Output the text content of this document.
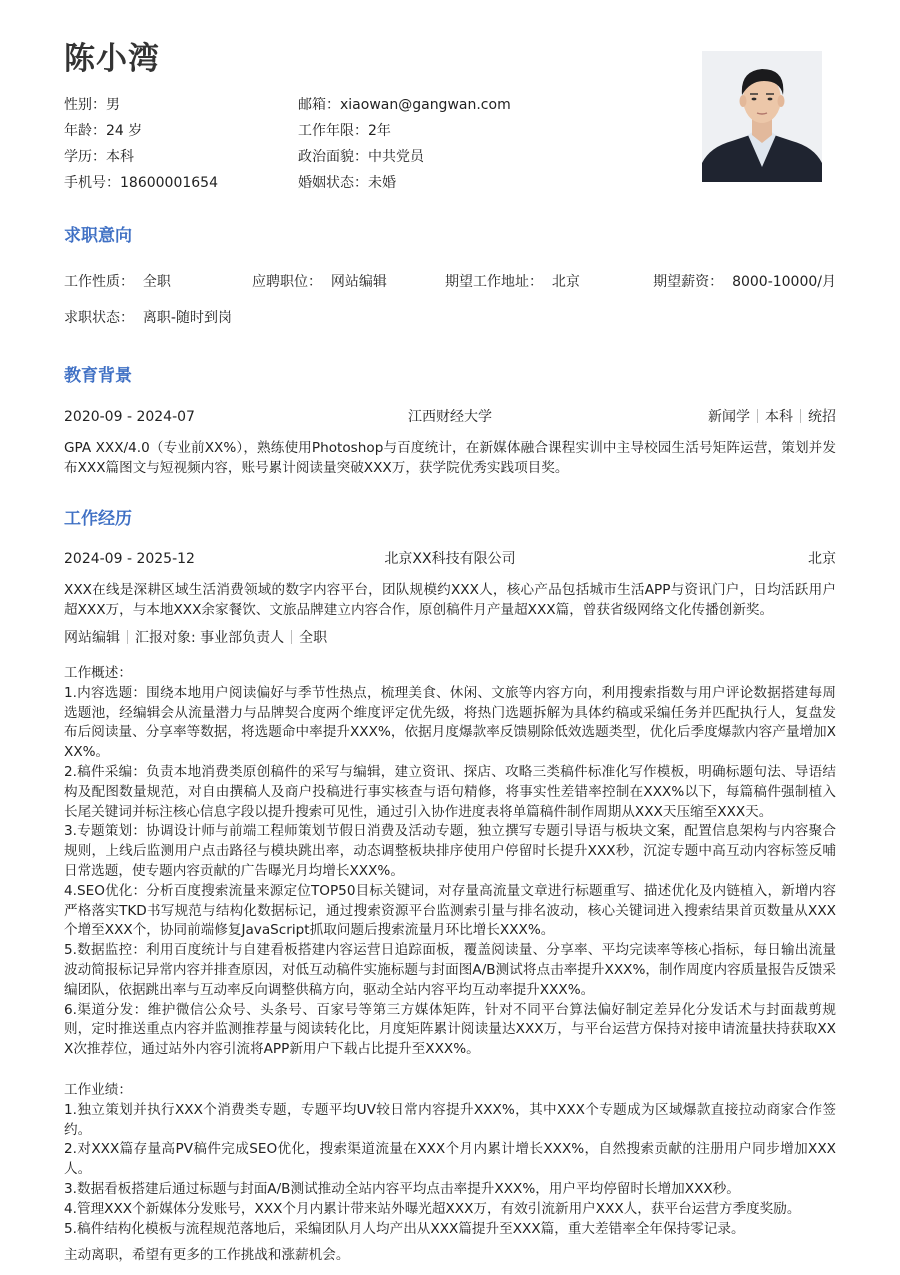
陈小湾
性别：男	邮箱：xiaowan@gangwan.com
年龄：24 岁	工作年限：2年
学历：本科	政治面貌：中共党员
手机号：18600001654	婚姻状态：未婚
求职意向
工作性质： 全职	应聘职位： 网站编辑	期望工作地址： 北京	期望薪资： 8000-10000/月
求职状态： 离职-随时到岗
教育背景
2020-09 - 2024-07	江西财经大学	新闻学 本科 统招

GPA XXX/4.0（专业前XX%），熟练使用Photoshop与百度统计，在新媒体融合课程实训中主导校园生活号矩阵运营，策划并发布XXX篇图文与短视频内容，账号累计阅读量突破XXX万，获学院优秀实践项目奖。

工作经历
2024-09 - 2025-12	北京XX科技有限公司	北京

XXX在线是深耕区域生活消费领域的数字内容平台，团队规模约XXX人，核心产品包括城市生活APP与资讯门户，日均活跃用户超XXX万，与本地XXX余家餐饮、文旅品牌建立内容合作，原创稿件月产量超XXX篇，曾获省级网络文化传播创新奖。

网站编辑 汇报对象: 事业部负责人 全职

工作概述：

1.内容选题：围绕本地用户阅读偏好与季节性热点，梳理美食、休闲、文旅等内容方向，利用搜索指数与用户评论数据搭建每周选题池，经编辑会从流量潜力与品牌契合度两个维度评定优先级，将热门选题拆解为具体约稿或采编任务并匹配执行人，复盘发布后阅读量、分享率等数据，将选题命中率提升XXX%，依据月度爆款率反馈剔除低效选题类型，优化后季度爆款内容产量增加XXX%。

2.稿件采编：负责本地消费类原创稿件的采写与编辑，建立资讯、探店、攻略三类稿件标准化写作模板，明确标题句法、导语结构及配图数量规范，对自由撰稿人及商户投稿进行事实核查与语句精修，将事实性差错率控制在XXX%以下，每篇稿件强制植入长尾关键词并标注核心信息字段以提升搜索可见性，通过引入协作进度表将单篇稿件制作周期从XXX天压缩至XXX天。

3.专题策划：协调设计师与前端工程师策划节假日消费及活动专题，独立撰写专题引导语与板块文案，配置信息架构与内容聚合规则，上线后监测用户点击路径与模块跳出率，动态调整板块排序使用户停留时长提升XXX秒，沉淀专题中高互动内容标签反哺日常选题，使专题内容贡献的广告曝光月均增长XXX%。

4.SEO优化：分析百度搜索流量来源定位TOP50目标关键词，对存量高流量文章进行标题重写、描述优化及内链植入，新增内容严格落实TKD书写规范与结构化数据标记，通过搜索资源平台监测索引量与排名波动，核心关键词进入搜索结果首页数量从XXX个增至XXX个，协同前端修复JavaScript抓取问题后搜索流量月环比增长XXX%。

5.数据监控：利用百度统计与自建看板搭建内容运营日追踪面板，覆盖阅读量、分享率、平均完读率等核心指标，每日输出流量波动简报标记异常内容并排查原因，对低互动稿件实施标题与封面图A/B测试将点击率提升XXX%，制作周度内容质量报告反馈采编团队，依据跳出率与互动率反向调整供稿方向，驱动全站内容平均互动率提升XXX%。

6.渠道分发：维护微信公众号、头条号、百家号等第三方媒体矩阵，针对不同平台算法偏好制定差异化分发话术与封面裁剪规则，定时推送重点内容并监测推荐量与阅读转化比，月度矩阵累计阅读量达XXX万，与平台运营方保持对接申请流量扶持获取XXX次推荐位，通过站外内容引流将APP新用户下载占比提升至XXX%。

工作业绩：

1.独立策划并执行XXX个消费类专题，专题平均UV较日常内容提升XXX%，其中XXX个专题成为区域爆款直接拉动商家合作签约。

2.对XXX篇存量高PV稿件完成SEO优化，搜索渠道流量在XXX个月内累计增长XXX%，自然搜索贡献的注册用户同步增加XXX人。

3.数据看板搭建后通过标题与封面A/B测试推动全站内容平均点击率提升XXX%，用户平均停留时长增加XXX秒。

4.管理XXX个新媒体分发账号，XXX个月内累计带来站外曝光超XXX万，有效引流新用户XXX人，获平台运营方季度奖励。

5.稿件结构化模板与流程规范落地后，采编团队月人均产出从XXX篇提升至XXX篇，重大差错率全年保持零记录。

主动离职，希望有更多的工作挑战和涨薪机会。
